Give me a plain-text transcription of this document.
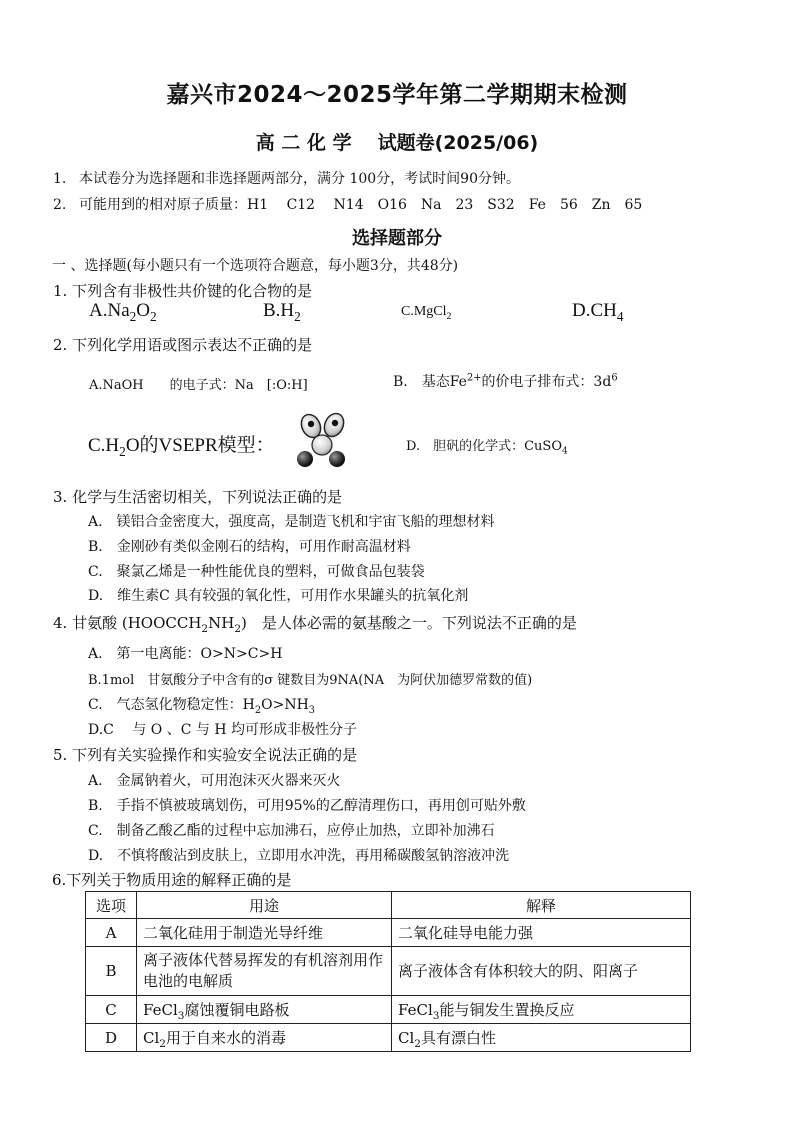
嘉兴市2024～2025学年第二学期期末检测
高 二 化 学 试题卷(2025/06)
1. 本试卷分为选择题和非选择题两部分，满分 100分，考试时间90分钟。
2. 可能用到的相对原子质量：H1　 C12　 N14　O16　Na　23　S32　Fe　56　Zn　65
选择题部分
一 、选择题(每小题只有一个选项符合题意，每小题3分，共48分)
1. 下列含有非极性共价键的化合物的是
$A.Na_2O_2$	$B.H_2$	C.MgCl$_2$	$D.CH_4$
2. 下列化学用语或图示表达不正确的是
A.NaOH　　的电子式：Na　[:O:H]	B.　基态$Fe^{2+}$的价电子排布式：$3d^6$
$C.H_2O$的VSEPR模型：	D.　胆矾的化学式：CuSO$_4$
3. 化学与生活密切相关，下列说法正确的是
A.　镁铝合金密度大，强度高，是制造飞机和宇宙飞船的理想材料
B.　金刚砂有类似金刚石的结构，可用作耐高温材料
C.　聚氯乙烯是一种性能优良的塑料，可做食品包装袋
D.　维生素C 具有较强的氧化性，可用作水果罐头的抗氧化剂
4. 甘氨酸 $(HOOCCH_2NH_2)$　是人体必需的氨基酸之一。下列说法不正确的是
A.　第一电离能：O>N>C>H
B.1mol　甘氨酸分子中含有的σ 键数目为9NA(NA　为阿伏加德罗常数的值)
C.　气态氢化物稳定性：$H_2O>NH_3$
D.C　 与 O 、C 与 H 均可形成非极性分子
5. 下列有关实验操作和实验安全说法正确的是
A.　金属钠着火，可用泡沫灭火器来灭火
B.　手指不慎被玻璃划伤，可用95%的乙醇清理伤口，再用创可贴外敷
C.　制备乙酸乙酯的过程中忘加沸石，应停止加热，立即补加沸石
D.　不慎将酸沾到皮肤上，立即用水冲洗，再用稀碳酸氢钠溶液冲洗
6.下列关于物质用途的解释正确的是
选项	用途	解释
A	二氧化硅用于制造光导纤维	二氧化硅导电能力强
B	离子液体代替易挥发的有机溶剂用作电池的电解质	离子液体含有体积较大的阴、阳离子
C	FeCl$_3$腐蚀覆铜电路板	FeCl$_3$能与铜发生置换反应
D	$Cl_2$用于自来水的消毒	$Cl_2$具有漂白性
